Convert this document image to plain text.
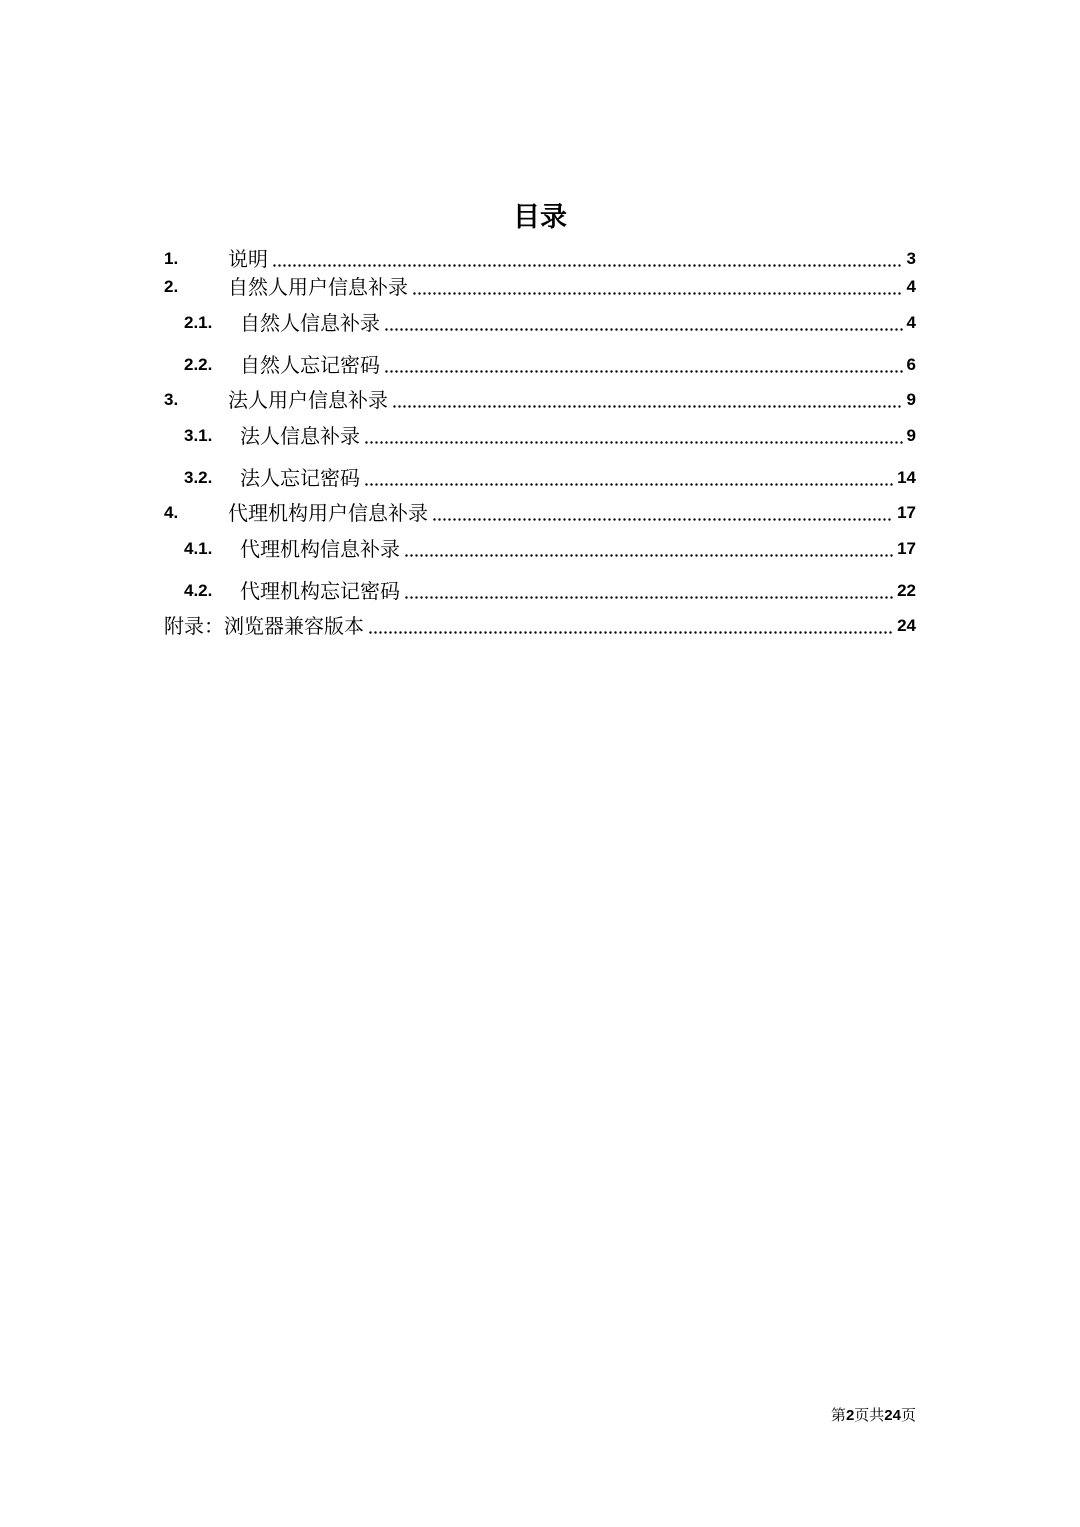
目录
1.	说明	3
2.	自然人用户信息补录	4
2.1.	自然人信息补录	4
2.2.	自然人忘记密码	6
3.	法人用户信息补录	9
3.1.	法人信息补录	9
3.2.	法人忘记密码	14
4.	代理机构用户信息补录	17
4.1.	代理机构信息补录	17
4.2.	代理机构忘记密码	22
附录：浏览器兼容版本	24
第2页共24页
